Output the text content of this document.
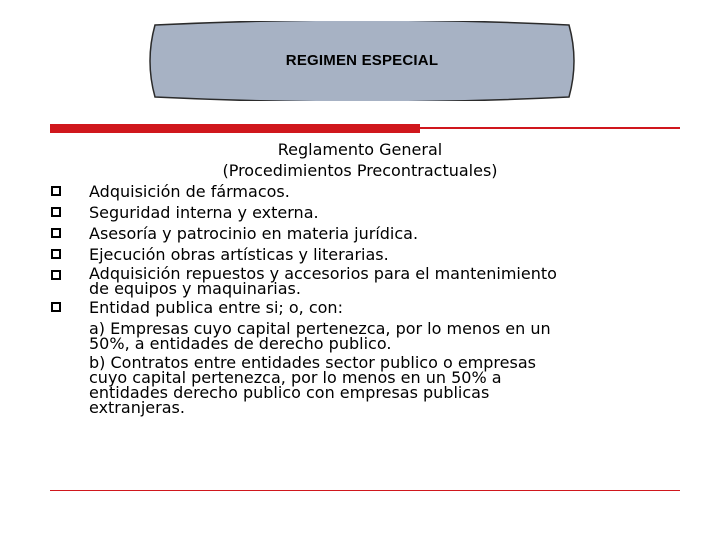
REGIMEN ESPECIAL
Reglamento General
(Procedimientos Precontractuales)
Adquisición de fármacos.
Seguridad interna y externa.
Asesoría y patrocinio en materia jurídica.
Ejecución obras artísticas y literarias.
Adquisición repuestos y accesorios para el mantenimiento
de equipos y maquinarias.
Entidad publica entre si; o, con:
a) Empresas cuyo capital pertenezca, por lo menos en un
50%, a entidades de derecho publico.
b) Contratos entre entidades sector publico o empresas
cuyo capital pertenezca, por lo menos en un 50% a
entidades derecho publico con empresas publicas
extranjeras.
